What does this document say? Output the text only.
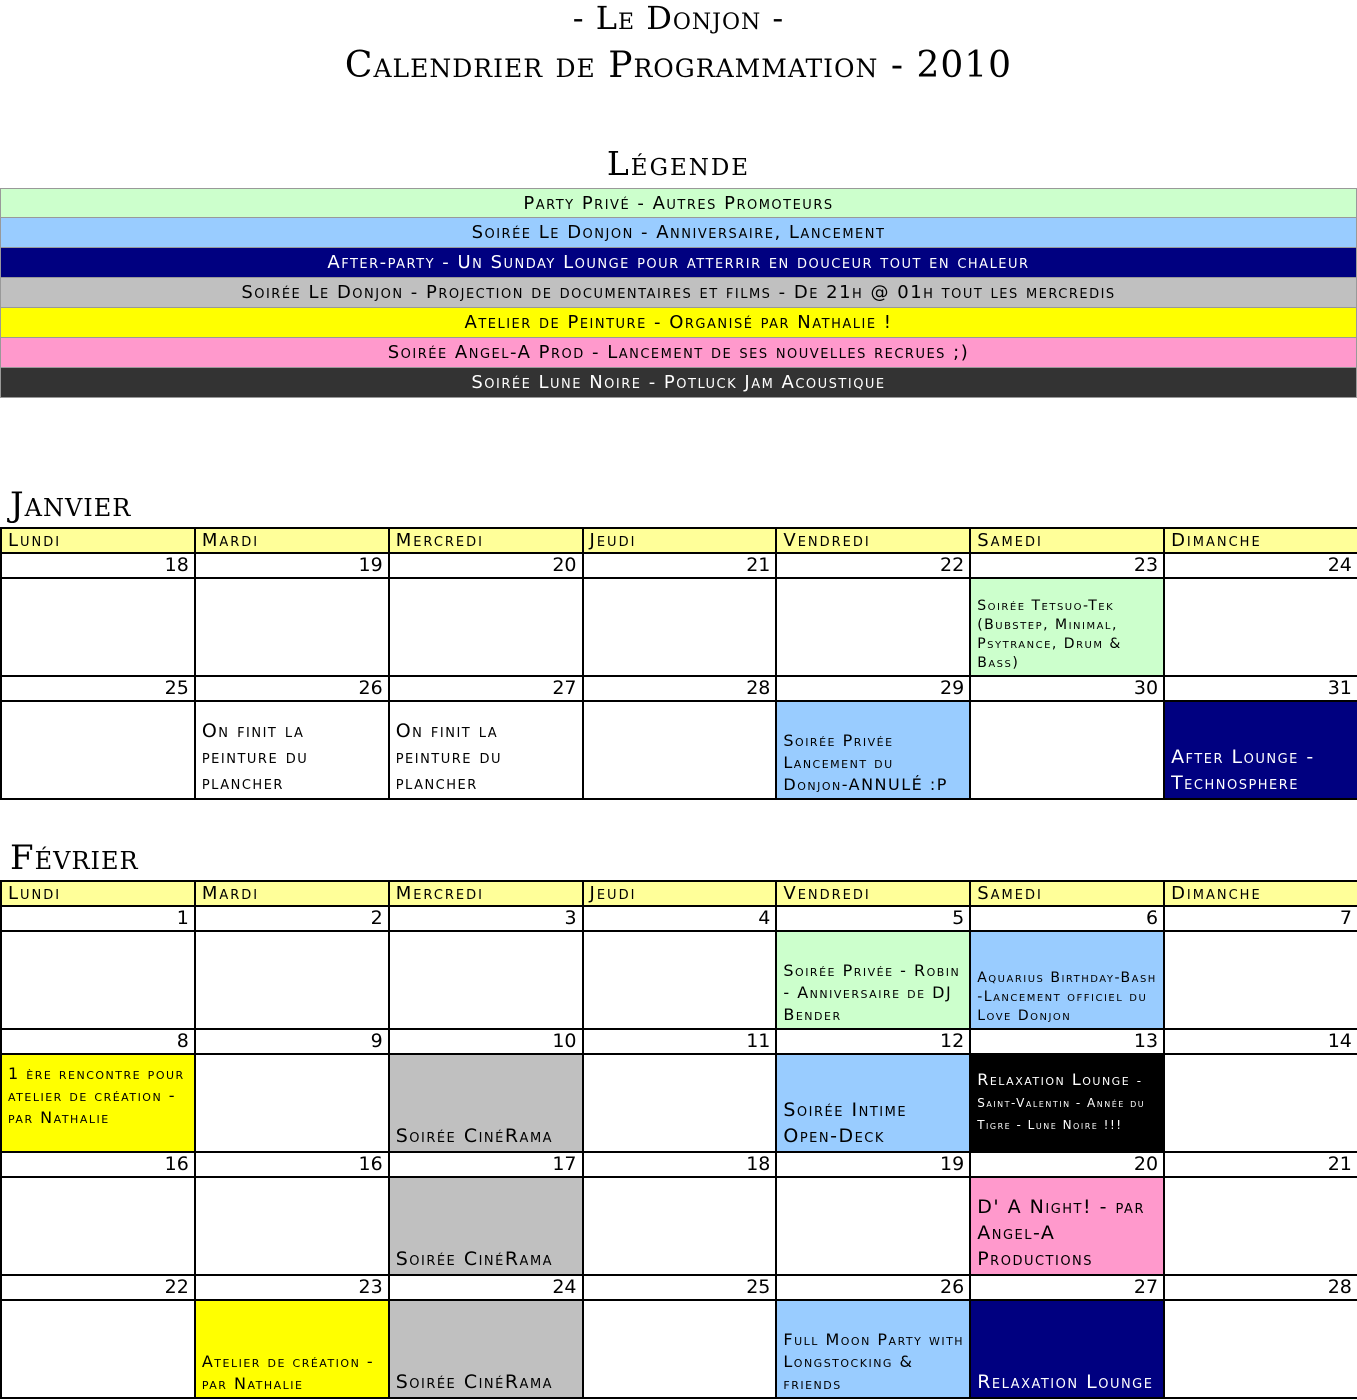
- Le Donjon -
Calendrier de Programmation - 2010
Légende
Party Privé - Autres Promoteurs
Soirée Le Donjon - Anniversaire, Lancement
After-party - Un Sunday Lounge pour atterrir en douceur tout en chaleur
Soirée Le Donjon - Projection de documentaires et films - De 21h @ 01h tout les mercredis
Atelier de Peinture - Organisé par Nathalie !
Soirée Angel-A Prod - Lancement de ses nouvelles recrues ;)
Soirée Lune Noire - Potluck Jam Acoustique
Janvier
Lundi	Mardi	Mercredi	Jeudi	Vendredi	Samedi	Dimanche
18	19	20	21	22	23	24
					Soirée Tetsuo-Tek (Bubstep, Minimal, Psytrance, Drum & Bass)	
25	26	27	28	29	30	31
	On finit la peinture du plancher	On finit la peinture du plancher		Soirée Privée Lancement du Donjon-ANNULÉ :P		After Lounge - Technosphere
Février
Lundi	Mardi	Mercredi	Jeudi	Vendredi	Samedi	Dimanche
1	2	3	4	5	6	7
				Soirée Privée - Robin - Anniversaire de DJ Bender	Aquarius Birthday-Bash -Lancement officiel du Love Donjon	
8	9	10	11	12	13	14
1 ère rencontre pour atelier de création - par Nathalie		Soirée CinéRama		Soirée Intime Open-Deck	Relaxation Lounge - Saint-Valentin - Année du Tigre - Lune Noire !!!	
16	16	17	18	19	20	21
		Soirée CinéRama			D' A Night! - par Angel-A Productions	
22	23	24	25	26	27	28
	Atelier de création - par Nathalie	Soirée CinéRama		Full Moon Party with Longstocking & friends	Relaxation Lounge	
